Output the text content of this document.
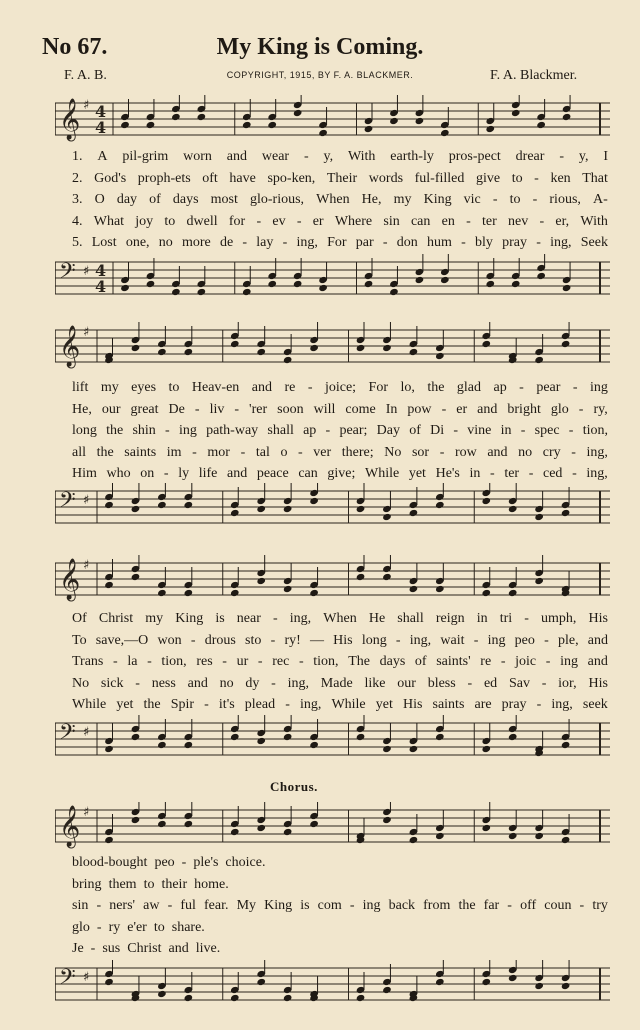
No 67.	My King is Coming.
F. A. B.	COPYRIGHT, 1915, BY F. A. BLACKMER.	F. A. Blackmer.
𝄞 ♯ 4
4
1. A pil-grim worn and wear - y, With earth-ly pros-pect drear - y, I
2. God's proph-ets oft have spo-ken, Their words ful-filled give to - ken That
3. O day of days most glo-rious, When He, my King vic - to - rious, A-
4. What joy to dwell for - ev - er Where sin can en - ter nev - er, With
5. Lost one, no more de - lay - ing, For par - don hum - bly pray - ing, Seek
𝄢 ♯ 4
4
𝄞 ♯
lift my eyes to Heav-en and re - joice; For lo, the glad ap - pear - ing
He, our great De - liv - 'rer soon will come In pow - er and bright glo - ry,
long the shin - ing path-way shall ap - pear; Day of Di - vine in - spec - tion,
all the saints im - mor - tal o - ver there; No sor - row and no cry - ing,
Him who on - ly life and peace can give; While yet He's in - ter - ced - ing,
𝄢 ♯
𝄞 ♯
Of Christ my King is near - ing, When He shall reign in tri - umph, His
To save,—O won - drous sto - ry! — His long - ing, wait - ing peo - ple, and
Trans - la - tion, res - ur - rec - tion, The days of saints' re - joic - ing and
No sick - ness and no dy - ing, Made like our bless - ed Sav - ior, His
While yet the Spir - it's plead - ing, While yet His saints are pray - ing, seek
𝄢 ♯
Chorus.
𝄞 ♯
blood-bought peo - ple's choice.
bring them to their home.
sin - ners' aw - ful fear. My King is com - ing back from the far - off coun - try
glo - ry e'er to share.
Je - sus Christ and live.
𝄢 ♯
